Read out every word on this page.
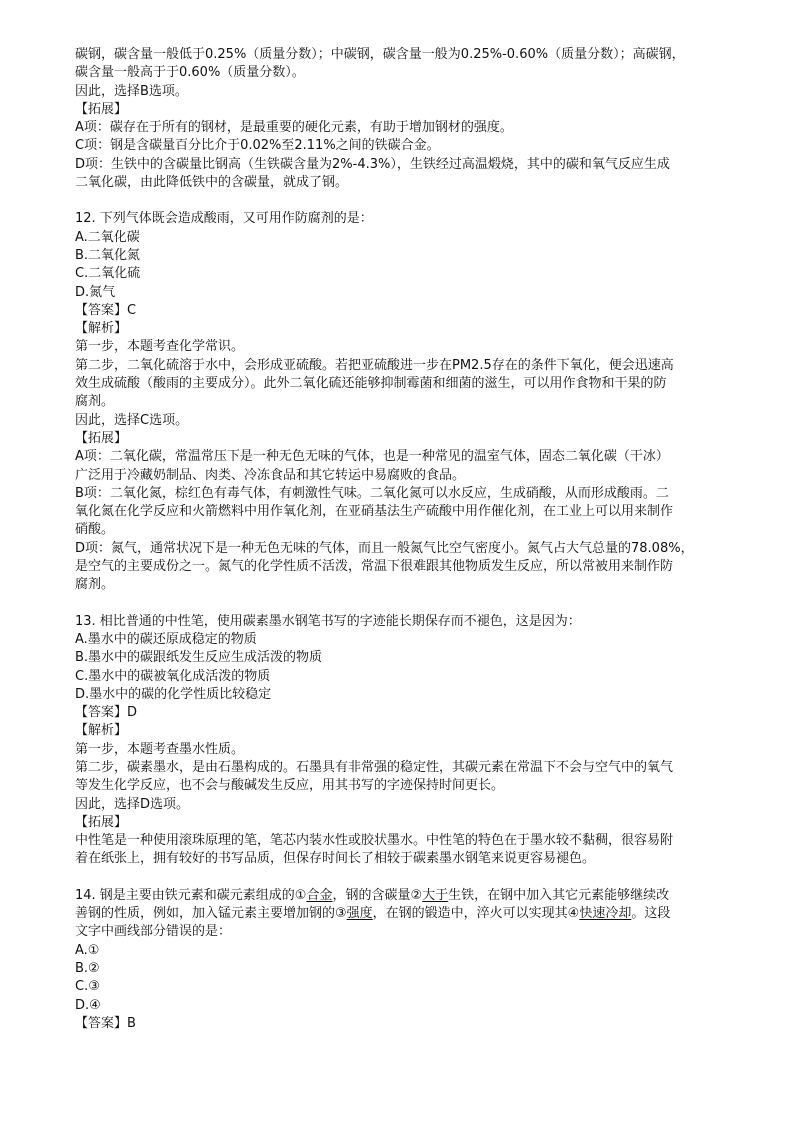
碳钢，碳含量一般低于0.25%（质量分数）；中碳钢，碳含量一般为0.25%-0.60%（质量分数）；高碳钢，
碳含量一般高于于0.60%（质量分数）。
因此，选择B选项。
【拓展】
A项：碳存在于所有的钢材，是最重要的硬化元素，有助于增加钢材的强度。
C项：钢是含碳量百分比介于0.02%至2.11%之间的铁碳合金。
D项：生铁中的含碳量比钢高（生铁碳含量为2%-4.3%），生铁经过高温煅烧，其中的碳和氧气反应生成
二氧化碳，由此降低铁中的含碳量，就成了钢。
12. 下列气体既会造成酸雨，又可用作防腐剂的是：
A.二氧化碳
B.二氧化氮
C.二氧化硫
D.氮气
【答案】C
【解析】
第一步，本题考查化学常识。
第二步，二氧化硫溶于水中，会形成亚硫酸。若把亚硫酸进一步在PM2.5存在的条件下氧化，便会迅速高
效生成硫酸（酸雨的主要成分）。此外二氧化硫还能够抑制霉菌和细菌的滋生，可以用作食物和干果的防
腐剂。
因此，选择C选项。
【拓展】
A项：二氧化碳，常温常压下是一种无色无味的气体，也是一种常见的温室气体，固态二氧化碳（干冰）
广泛用于冷藏奶制品、肉类、冷冻食品和其它转运中易腐败的食品。
B项：二氧化氮，棕红色有毒气体，有刺激性气味。二氧化氮可以水反应，生成硝酸，从而形成酸雨。二
氧化氮在化学反应和火箭燃料中用作氧化剂，在亚硝基法生产硫酸中用作催化剂，在工业上可以用来制作
硝酸。
D项：氮气，通常状况下是一种无色无味的气体，而且一般氮气比空气密度小。氮气占大气总量的78.08%，
是空气的主要成份之一。氮气的化学性质不活泼，常温下很难跟其他物质发生反应，所以常被用来制作防
腐剂。
13. 相比普通的中性笔，使用碳素墨水钢笔书写的字迹能长期保存而不褪色，这是因为：
A.墨水中的碳还原成稳定的物质
B.墨水中的碳跟纸发生反应生成活泼的物质
C.墨水中的碳被氧化成活泼的物质
D.墨水中的碳的化学性质比较稳定
【答案】D
【解析】
第一步，本题考查墨水性质。
第二步，碳素墨水，是由石墨构成的。石墨具有非常强的稳定性，其碳元素在常温下不会与空气中的氧气
等发生化学反应，也不会与酸碱发生反应，用其书写的字迹保持时间更长。
因此，选择D选项。
【拓展】
中性笔是一种使用滚珠原理的笔，笔芯内装水性或胶状墨水。中性笔的特色在于墨水较不黏稠，很容易附
着在纸张上，拥有较好的书写品质，但保存时间长了相较于碳素墨水钢笔来说更容易褪色。
14. 钢是主要由铁元素和碳元素组成的①合金，钢的含碳量②大于生铁，在钢中加入其它元素能够继续改
善钢的性质，例如，加入锰元素主要增加钢的③强度，在钢的锻造中，淬火可以实现其④快速冷却。这段
文字中画线部分错误的是：
A.①
B.②
C.③
D.④
【答案】B
